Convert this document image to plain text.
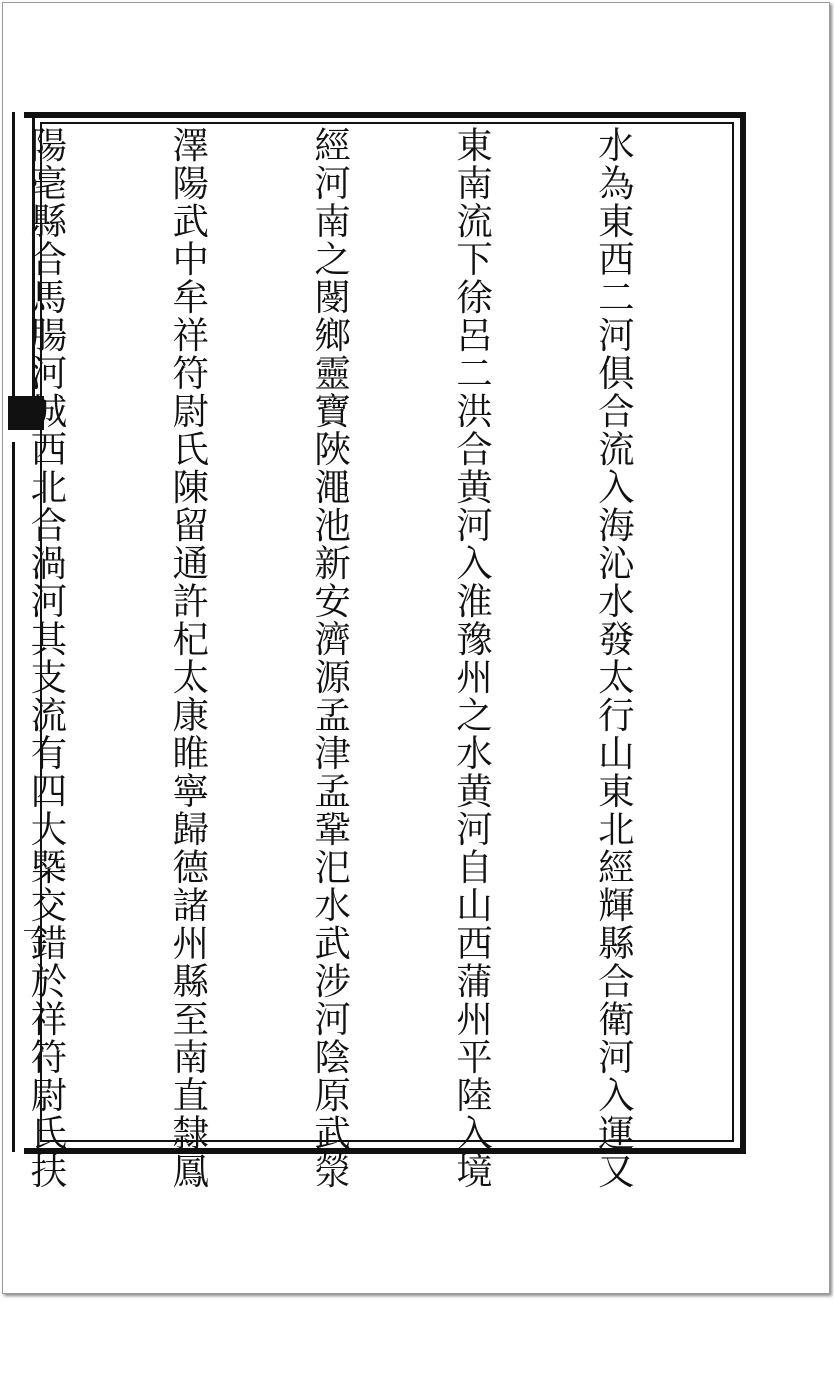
水為東西二河俱合流入海沁水發太行山東北經輝縣合衛河入運又

東南流下徐呂二洪合黄河入淮豫州之水黄河自山西蒲州平陸入境

經河南之閿鄉靈寶陜澠池新安濟源孟津孟鞏汜水武涉河陰原武滎

澤陽武中牟祥符尉氏陳留通許杞太康睢寧歸德諸州縣至南直隸鳳

陽亳縣合馬腸河城西北合渦河其支流有四大槩交錯於祥符尉氏扶
